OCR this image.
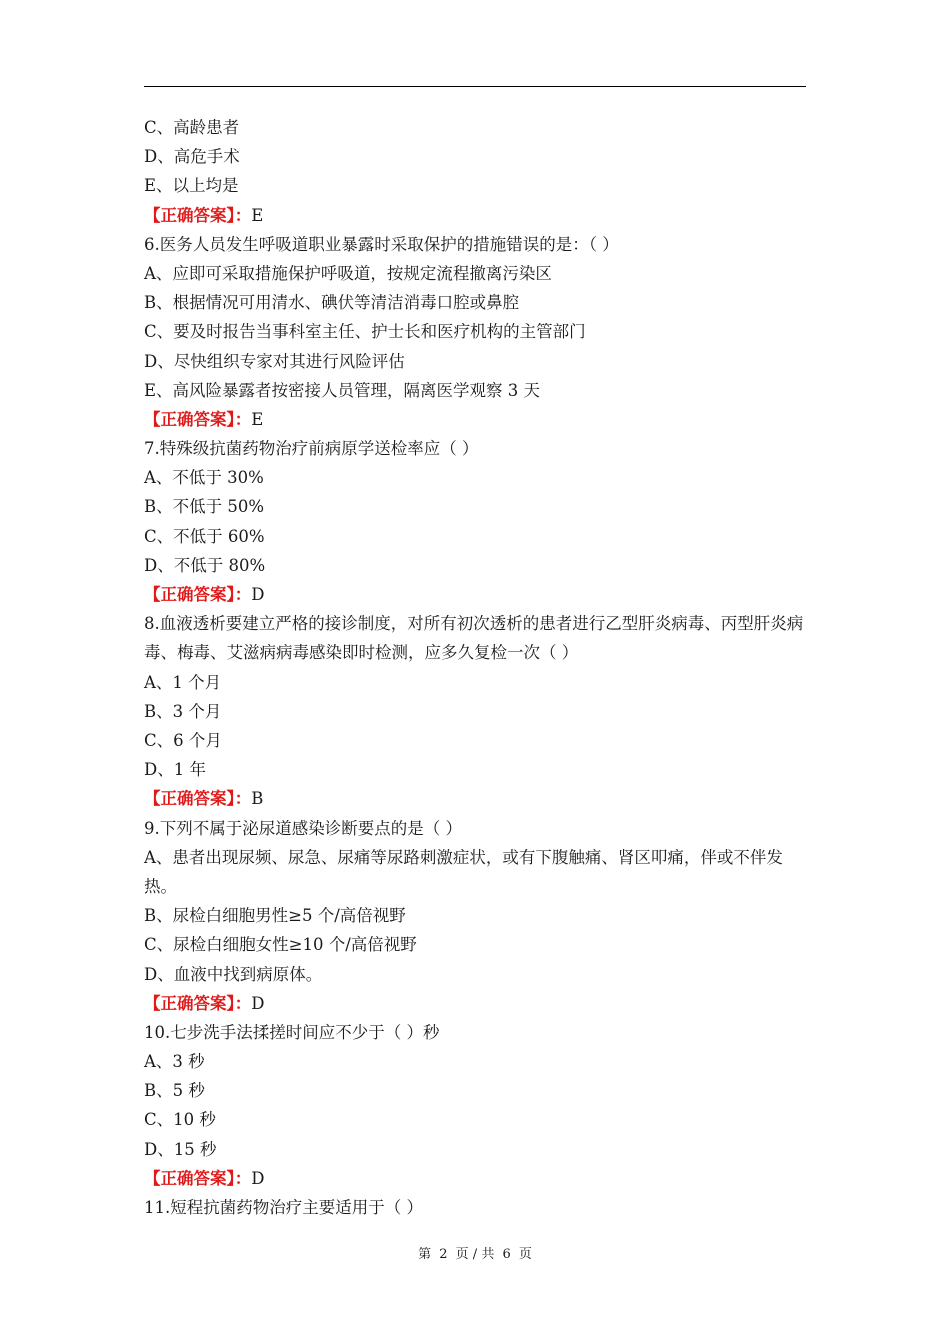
C、高龄患者
D、高危手术
E、以上均是
【正确答案】：E
6.医务人员发生呼吸道职业暴露时采取保护的措施错误的是：（ ）
A、应即可采取措施保护呼吸道，按规定流程撤离污染区
B、根据情况可用清水、碘伏等清洁消毒口腔或鼻腔
C、要及时报告当事科室主任、护士长和医疗机构的主管部门
D、尽快组织专家对其进行风险评估
E、高风险暴露者按密接人员管理，隔离医学观察 3 天
【正确答案】：E
7.特殊级抗菌药物治疗前病原学送检率应（ ）
A、不低于 30%
B、不低于 50%
C、不低于 60%
D、不低于 80%
【正确答案】：D
8.血液透析要建立严格的接诊制度，对所有初次透析的患者进行乙型肝炎病毒、丙型肝炎病毒、梅毒、艾滋病病毒感染即时检测，应多久复检一次（ ）
A、1 个月
B、3 个月
C、6 个月
D、1 年
【正确答案】：B
9.下列不属于泌尿道感染诊断要点的是（ ）
A、患者出现尿频、尿急、尿痛等尿路刺激症状，或有下腹触痛、肾区叩痛，伴或不伴发热。
B、尿检白细胞男性≥5 个/高倍视野
C、尿检白细胞女性≥10 个/高倍视野
D、血液中找到病原体。
【正确答案】：D
10.七步洗手法揉搓时间应不少于（ ）秒
A、3 秒
B、5 秒
C、10 秒
D、15 秒
【正确答案】：D
11.短程抗菌药物治疗主要适用于（ ）
第 2 页 / 共 6 页
